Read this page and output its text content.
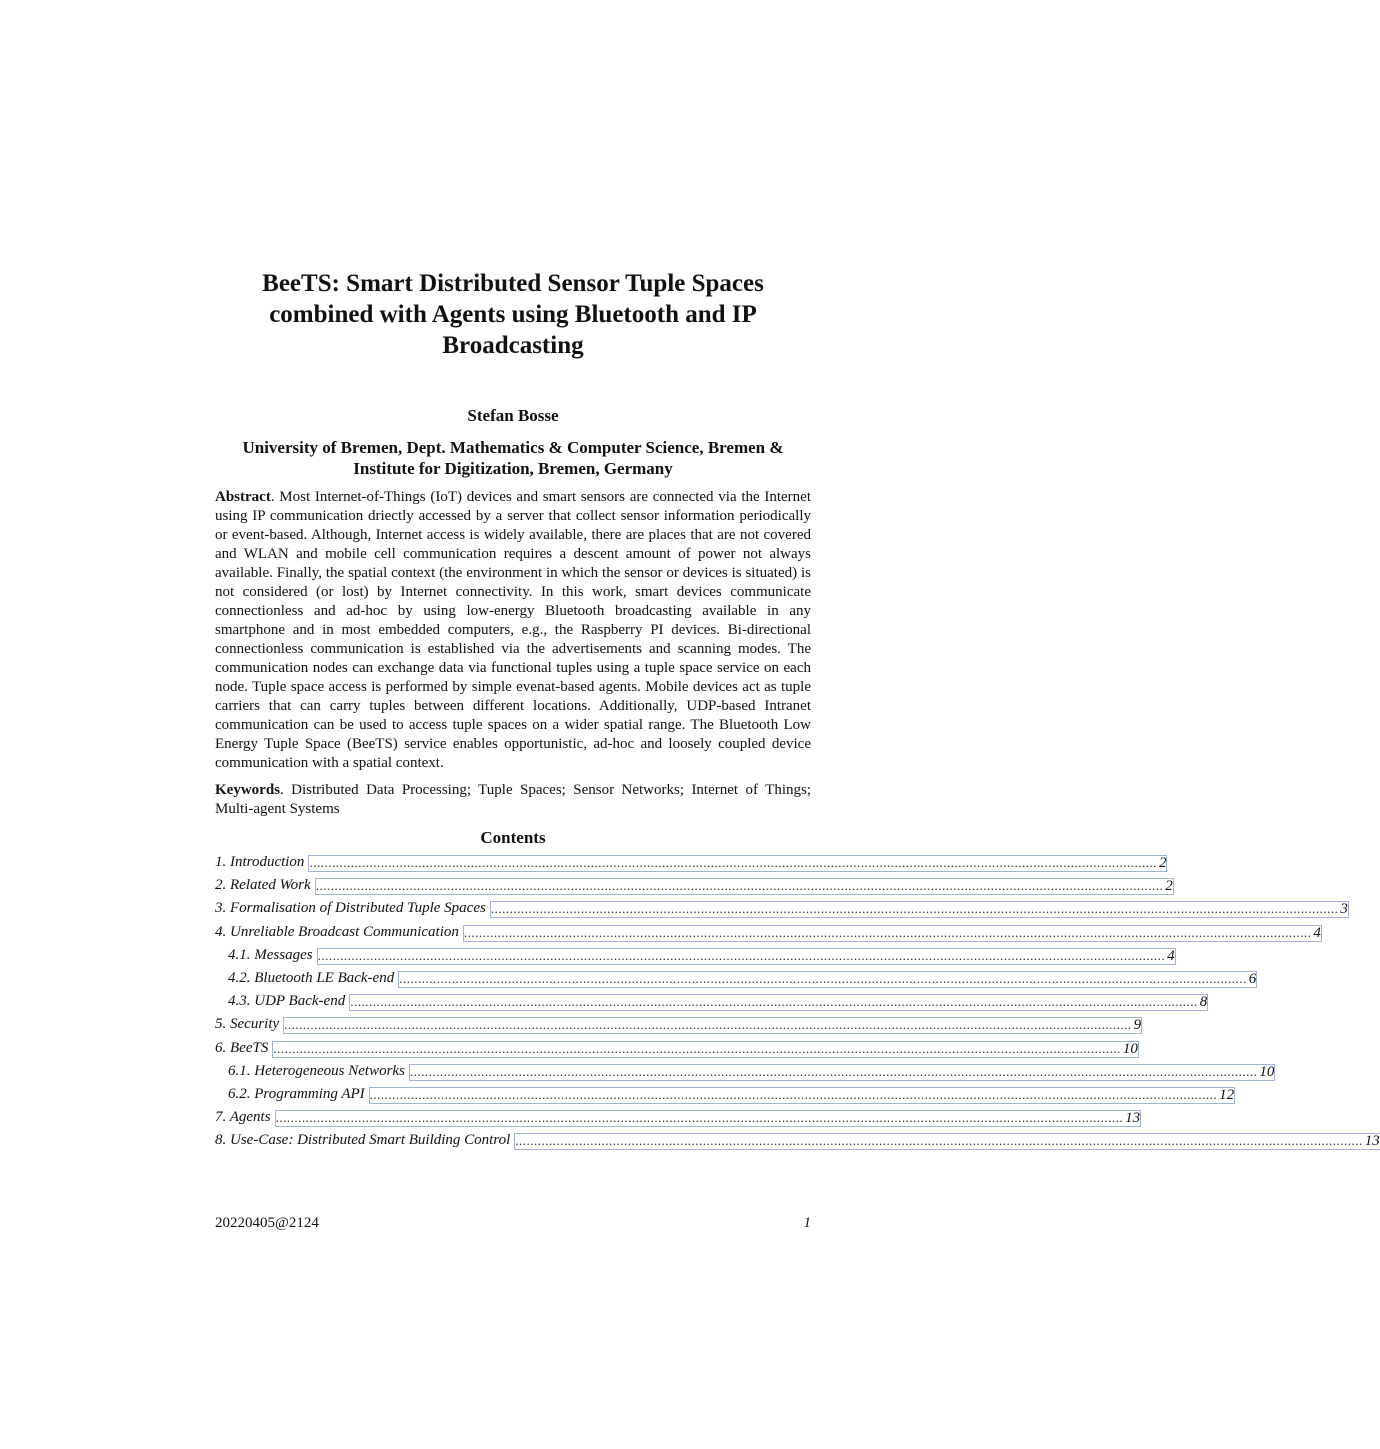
BeeTS: Smart Distributed Sensor Tuple Spaces
combined with Agents using Bluetooth and IP
Broadcasting
Stefan Bosse
University of Bremen, Dept. Mathematics & Computer Science, Bremen &
Institute for Digitization, Bremen, Germany

Abstract. Most Internet-of-Things (IoT) devices and smart sensors are connected via the Internet using IP communication driectly accessed by a server that collect sensor information periodically or event-based. Although, Internet access is widely available, there are places that are not covered and WLAN and mobile cell communication requires a descent amount of power not always available. Finally, the spatial context (the environment in which the sensor or devices is situated) is not considered (or lost) by Internet connectivity. In this work, smart devices communicate connectionless and ad-hoc by using low-energy Bluetooth broadcasting available in any smartphone and in most embedded computers, e.g., the Raspberry PI devices. Bi-directional connectionless communication is established via the advertisements and scanning modes. The communication nodes can exchange data via functional tuples using a tuple space service on each node. Tuple space access is performed by simple evenat-based agents. Mobile devices act as tuple carriers that can carry tuples between different locations. Additionally, UDP-based Intranet communication can be used to access tuple spaces on a wider spatial range. The Bluetooth Low Energy Tuple Space (BeeTS) service enables opportunistic, ad-hoc and loosely coupled device communication with a spatial context.

Keywords. Distributed Data Processing; Tuple Spaces; Sensor Networks; Internet of Things; Multi-agent Systems

Contents
1. Introduction .....	2
2. Related Work .....	2
3. Formalisation of Distributed Tuple Spaces .....	3
4. Unreliable Broadcast Communication .....	4
4.1. Messages .....	4
4.2. Bluetooth LE Back-end .....	6
4.3. UDP Back-end .....	8
5. Security .....	9
6. BeeTS .....	10
6.1. Heterogeneous Networks .....	10
6.2. Programming API .....	12
7. Agents .....	13
8. Use-Case: Distributed Smart Building Control .....	13
20220405@2124	1
